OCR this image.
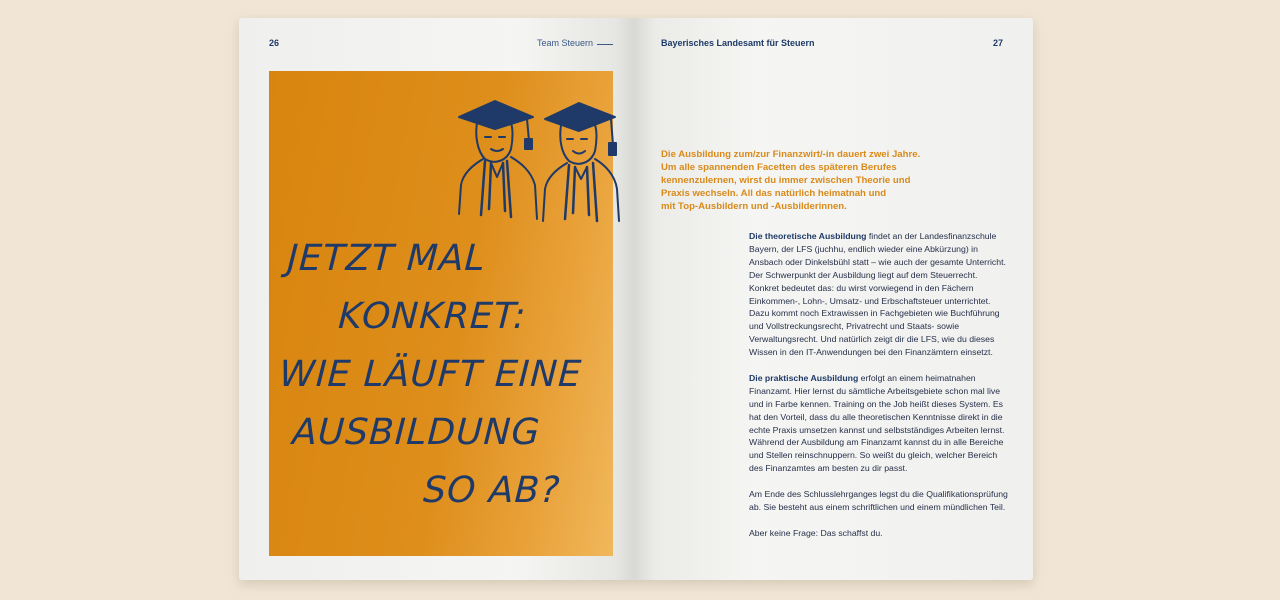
26	Team Steuern
JETZT MAL
KONKRET:
WIE LÄUFT EINE
AUSBILDUNG
SO AB?
Bayerisches Landesamt für Steuern	27
Die Ausbildung zum/zur Finanzwirt/-in dauert zwei Jahre.
Um alle spannenden Facetten des späteren Berufes
kennenzulernen, wirst du immer zwischen Theorie und
Praxis wechseln. All das natürlich heimatnah und
mit Top-Ausbildern und -Ausbilderinnen.

Die theoretische Ausbildung findet an der Landesfinanzschule Bayern, der LFS (juchhu, endlich wieder eine Abkürzung) in Ansbach oder Dinkelsbühl statt – wie auch der gesamte Unterricht. Der Schwerpunkt der Ausbildung liegt auf dem Steuerrecht. Konkret bedeutet das: du wirst vorwiegend in den Fächern Einkommen-, Lohn-, Umsatz- und Erbschaftsteuer unterrichtet. Dazu kommt noch Extrawissen in Fachgebieten wie Buchführung und Vollstreckungsrecht, Privatrecht und Staats- sowie Verwaltungsrecht. Und natürlich zeigt dir die LFS, wie du dieses Wissen in den IT-Anwendungen bei den Finanzämtern einsetzt.

Die praktische Ausbildung erfolgt an einem heimatnahen Finanzamt. Hier lernst du sämtliche Arbeitsgebiete schon mal live und in Farbe kennen. Training on the Job heißt dieses System. Es hat den Vorteil, dass du alle theoretischen Kenntnisse direkt in die echte Praxis umsetzen kannst und selbstständiges Arbeiten lernst. Während der Ausbildung am Finanzamt kannst du in alle Bereiche und Stellen reinschnuppern. So weißt du gleich, welcher Bereich des Finanzamtes am besten zu dir passt.

Am Ende des Schlusslehrganges legst du die Qualifikationsprüfung ab. Sie besteht aus einem schriftlichen und einem mündlichen Teil.

Aber keine Frage: Das schaffst du.
